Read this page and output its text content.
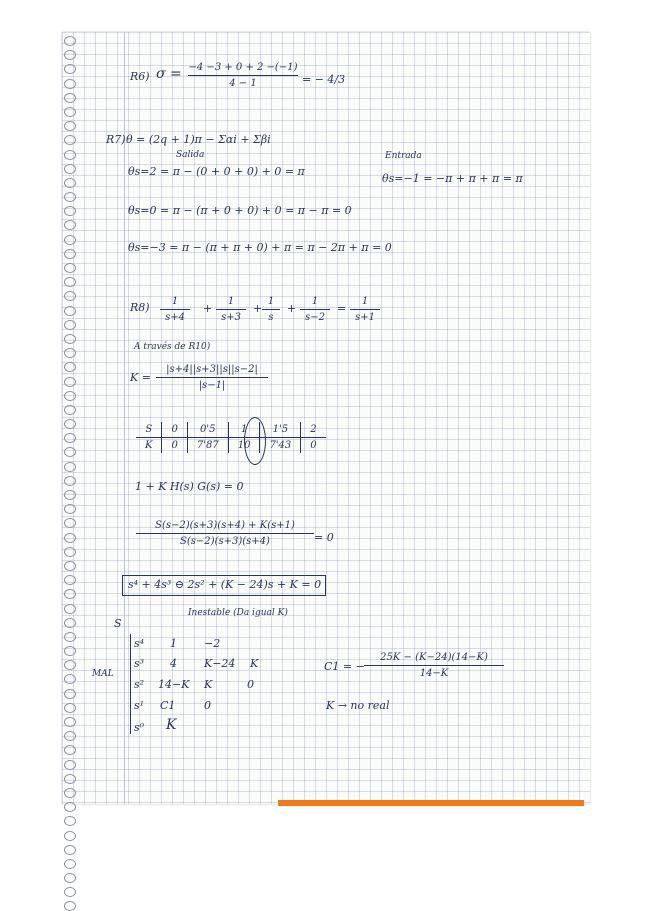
R6) σ = −4 −3 + 0 + 2 −(−1)
4 − 1	= − 4/3
R7) θ = (2q + 1)π − Σαi + Σβi
Salida
θs=2 = π − (0 + 0 + 0) + 0 = π
Entrada
θs=−1 = −π + π + π = π
θs=0 = π − (π + 0 + 0) + 0 = π − π = 0
θs=−3 = π − (π + π + 0) + π = π − 2π + π = 0
R8) 1
s+4
+
1
s+3
+
1
s
+
1
s−2
=
1
s+1
A través de R10)
K =
|s+4||s+3||s||s−2|
|s−1|
S	0	0'5	1	1'5	2
K	0	7'87	10	7'43	0
1 + K H(s) G(s) = 0
S(s−2)(s+3)(s+4) + K(s+1)
S(s−2)(s+3)(s+4)	= 0
s⁴ + 4s³ ⊖ 2s² + (K − 24)s + K = 0
Inestable (Da igual K)
S
MAL
s⁴ 1 −2
s³ 4 K−24 K
s² 14−K K	0
s¹ C1	0
s⁰ K
C1 = −
25K − (K−24)(14−K)
14−K
K → no real
